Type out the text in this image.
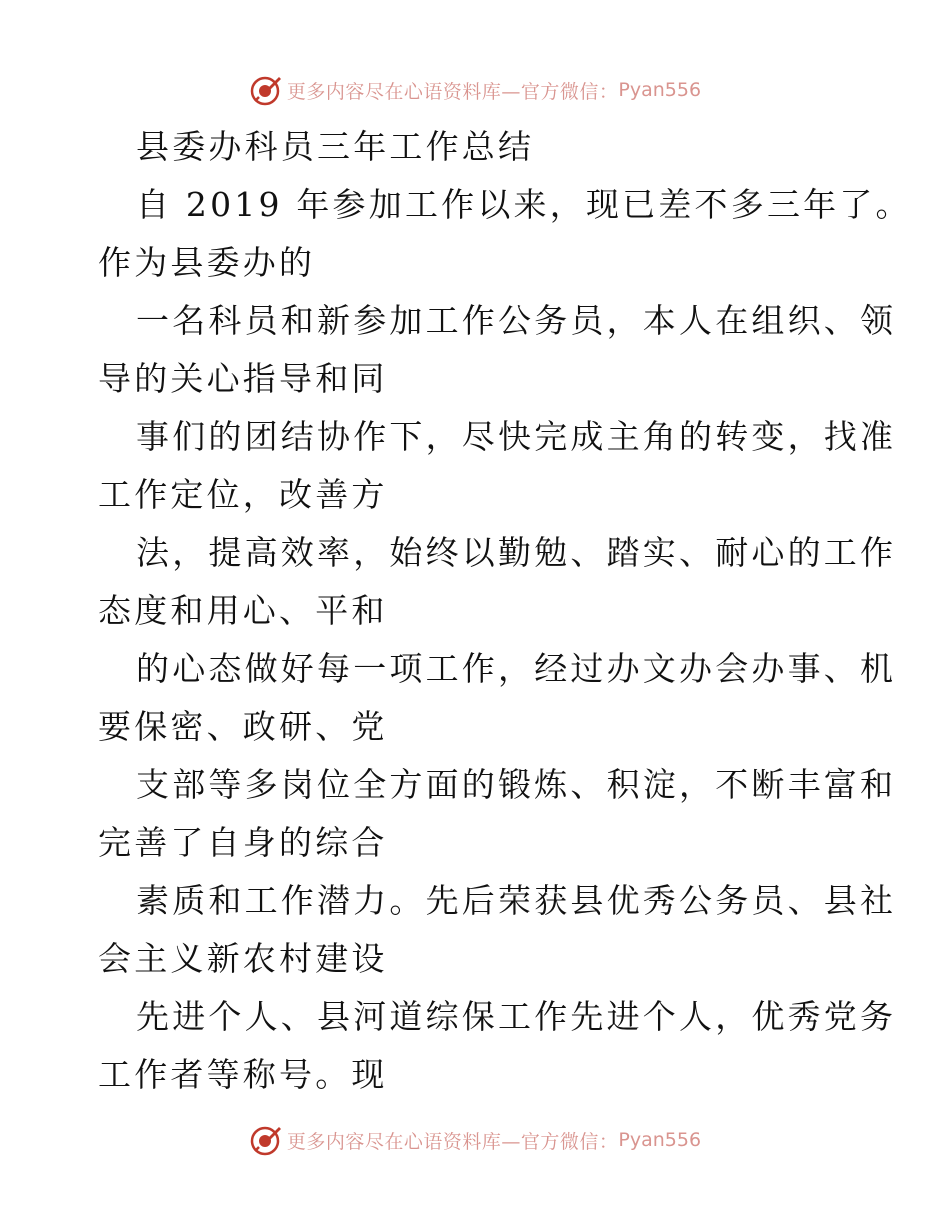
更多内容尽在心语资料库—官方微信： Pyan556
县委办科员三年工作总结
自 2019 年参加工作以来，现已差不多三年了。
作为县委办的
一名科员和新参加工作公务员，本人在组织、领
导的关心指导和同
事们的团结协作下，尽快完成主角的转变，找准
工作定位，改善方
法，提高效率，始终以勤勉、踏实、耐心的工作
态度和用心、平和
的心态做好每一项工作，经过办文办会办事、机
要保密、政研、党
支部等多岗位全方面的锻炼、积淀，不断丰富和
完善了自身的综合
素质和工作潜力。先后荣获县优秀公务员、县社
会主义新农村建设
先进个人、县河道综保工作先进个人，优秀党务
工作者等称号。现
更多内容尽在心语资料库—官方微信： Pyan556
